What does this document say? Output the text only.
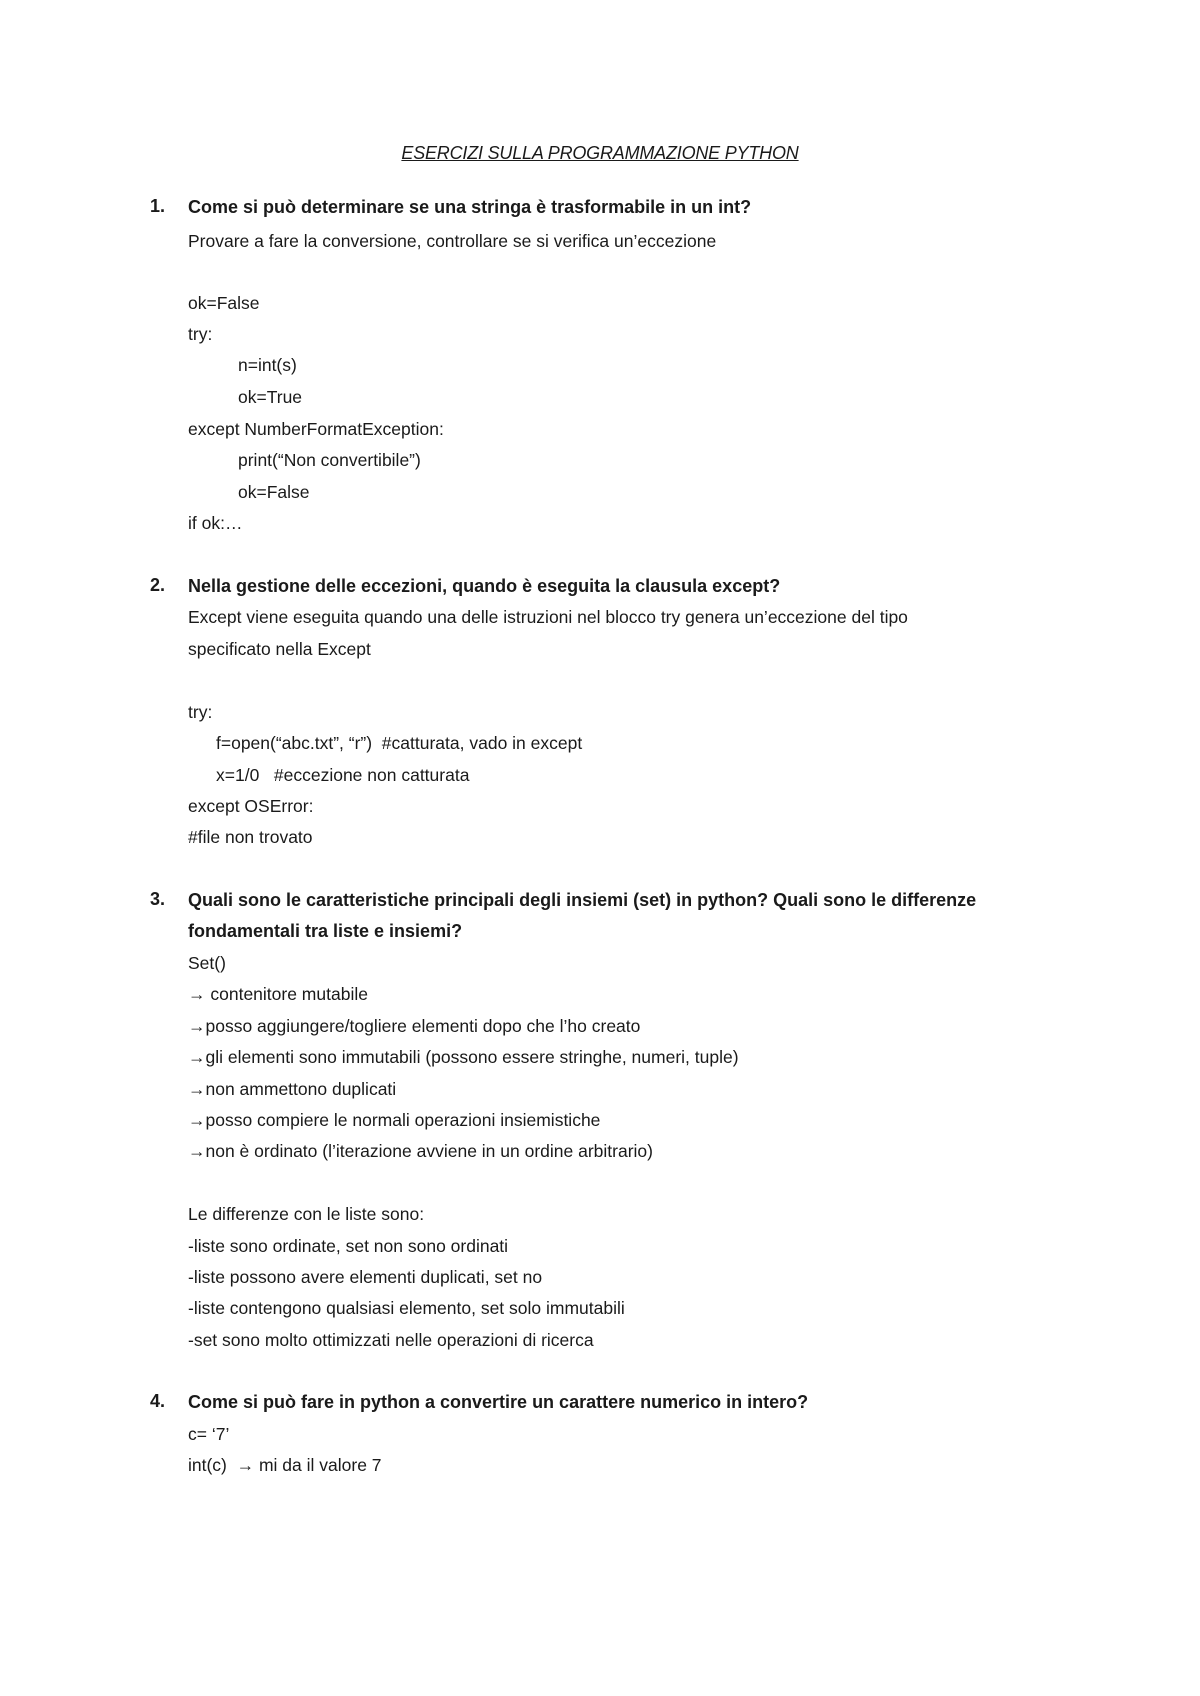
ESERCIZI SULLA PROGRAMMAZIONE PYTHON
1. Come si può determinare se una stringa è trasformabile in un int?
Provare a fare la conversione, controllare se si verifica un’eccezione
ok=False
try:
n=int(s)
ok=True
except NumberFormatException:
print(“Non convertibile”)
ok=False
if ok:…
2. Nella gestione delle eccezioni, quando è eseguita la clausula except?
Except viene eseguita quando una delle istruzioni nel blocco try genera un’eccezione del tipo
specificato nella Except
try:
f=open(“abc.txt”, “r”)  #catturata, vado in except
x=1/0   #eccezione non catturata
except OSError:
#file non trovato
3. Quali sono le caratteristiche principali degli insiemi (set) in python? Quali sono le differenze
fondamentali tra liste e insiemi?
Set()
→ contenitore mutabile
→posso aggiungere/togliere elementi dopo che l’ho creato
→gli elementi sono immutabili (possono essere stringhe, numeri, tuple)
→non ammettono duplicati
→posso compiere le normali operazioni insiemistiche
→non è ordinato (l’iterazione avviene in un ordine arbitrario)
Le differenze con le liste sono:
-liste sono ordinate, set non sono ordinati
-liste possono avere elementi duplicati, set no
-liste contengono qualsiasi elemento, set solo immutabili
-set sono molto ottimizzati nelle operazioni di ricerca
4. Come si può fare in python a convertire un carattere numerico in intero?
c= ‘7’
int(c)  → mi da il valore 7
